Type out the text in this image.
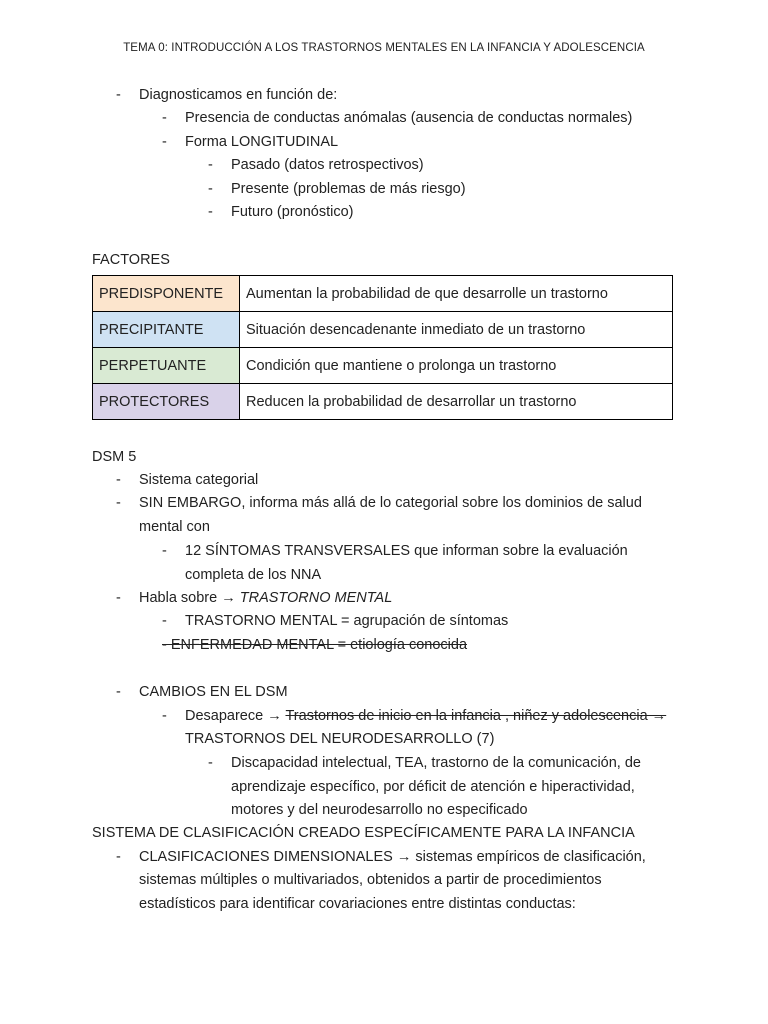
TEMA 0: INTRODUCCIÓN A LOS TRASTORNOS MENTALES EN LA INFANCIA Y ADOLESCENCIA
- Diagnosticamos en función de:
- Presencia de conductas anómalas (ausencia de conductas normales)
- Forma LONGITUDINAL
- Pasado (datos retrospectivos)
- Presente (problemas de más riesgo)
- Futuro (pronóstico)
FACTORES
PREDISPONENTE	Aumentan la probabilidad de que desarrolle un trastorno
PRECIPITANTE	Situación desencadenante inmediato de un trastorno
PERPETUANTE	Condición que mantiene o prolonga un trastorno
PROTECTORES	Reducen la probabilidad de desarrollar un trastorno
DSM 5
- Sistema categorial
- SIN EMBARGO, informa más allá de lo categorial sobre los dominios de salud
mental con
- 12 SÍNTOMAS TRANSVERSALES que informan sobre la evaluación
completa de los NNA
- Habla sobre → TRASTORNO MENTAL
- TRASTORNO MENTAL = agrupación de síntomas
- ENFERMEDAD MENTAL = etiología conocida
- CAMBIOS EN EL DSM
- Desaparece → Trastornos de inicio en la infancia , niñez y adolescencia →
TRASTORNOS DEL NEURODESARROLLO (7)
- Discapacidad intelectual, TEA, trastorno de la comunicación, de
aprendizaje específico, por déficit de atención e hiperactividad,
motores y del neurodesarrollo no especificado
SISTEMA DE CLASIFICACIÓN CREADO ESPECÍFICAMENTE PARA LA INFANCIA
- CLASIFICACIONES DIMENSIONALES → sistemas empíricos de clasificación,
sistemas múltiples o multivariados, obtenidos a partir de procedimientos
estadísticos para identificar covariaciones entre distintas conductas:
